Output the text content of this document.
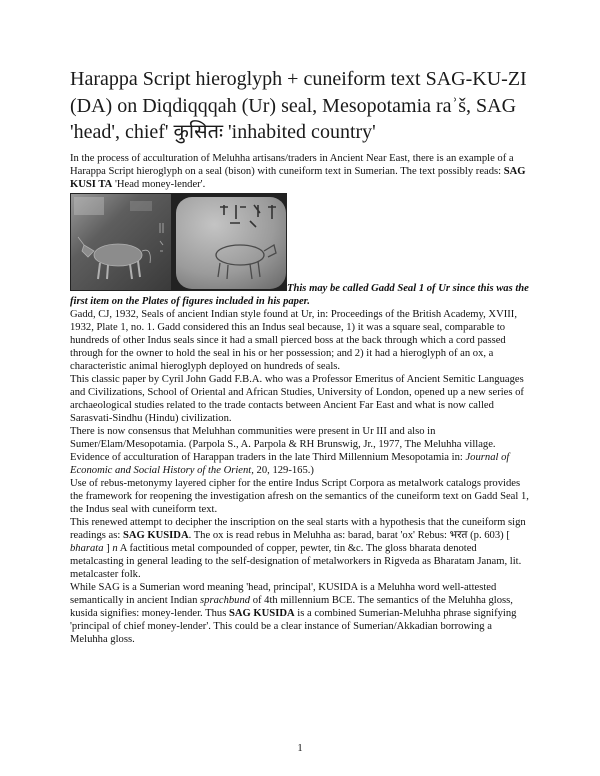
Harappa Script hieroglyph + cuneiform text SAG-KU-ZI (DA) on Diqdiqqqah (Ur) seal, Mesopotamia raʾš, SAG 'head', chief' कुसितः 'inhabited country'

In the process of acculturation of Meluhha artisans/traders in Ancient Near East, there is an example of a Harappa Script hieroglyph on a seal (bison) with cuneiform text in Sumerian. The text possibly reads: SAG KUSI TA 'Head money-lender'.

This may be called Gadd Seal 1 of Ur since this was the first item on the Plates of figures included in his paper.

Gadd, CJ, 1932, Seals of ancient Indian style found at Ur, in: Proceedings of the British Academy, XVIII, 1932, Plate 1, no. 1. Gadd considered this an Indus seal because, 1) it was a square seal, comparable to hundreds of other Indus seals since it had a small pierced boss at the back through which a cord passed through for the owner to hold the seal in his or her possession; and 2) it had a hieroglyph of an ox, a characteristic animal hieroglyph deployed on hundreds of seals.

This classic paper by Cyril John Gadd F.B.A. who was a Professor Emeritus of Ancient Semitic Languages and Civilizations, School of Oriental and African Studies, University of London, opened up a new series of archaeological studies related to the trade contacts between Ancient Far East and what is now called Sarasvati-Sindhu (Hindu) civilization.

There is now consensus that Meluhhan communities were present in Ur III and also in Sumer/Elam/Mesopotamia. (Parpola S., A. Parpola & RH Brunswig, Jr., 1977, The Meluhha village. Evidence of acculturation of Harappan traders in the late Third Millennium Mesopotamia in: Journal of Economic and Social History of the Orient, 20, 129-165.)

Use of rebus-metonymy layered cipher for the entire Indus Script Corpora as metalwork catalogs provides the framework for reopening the investigation afresh on the semantics of the cuneiform text on Gadd Seal 1, the Indus seal with cuneiform text.

This renewed attempt to decipher the inscription on the seal starts with a hypothesis that the cuneiform sign readings as: SAG KUSIDA. The ox is read rebus in Meluhha as: barad, barat 'ox' Rebus: भरत (p. 603) [ bharata ] n A factitious metal compounded of copper, pewter, tin &c. The gloss bharata denoted metalcasting in general leading to the self-designation of metalworkers in Rigveda as Bharatam Janam, lit. metalcaster folk.

While SAG is a Sumerian word meaning 'head, principal', KUSIDA is a Meluhha word well-attested semantically in ancient Indian sprachbund of 4th millennium BCE. The semantics of the Meluhha gloss, kusida signifies: money-lender. Thus SAG KUSIDA is a combined Sumerian-Meluhha phrase signifying 'principal of chief money-lender'. This could be a clear instance of Sumerian/Akkadian borrowing a Meluhha gloss.

1
